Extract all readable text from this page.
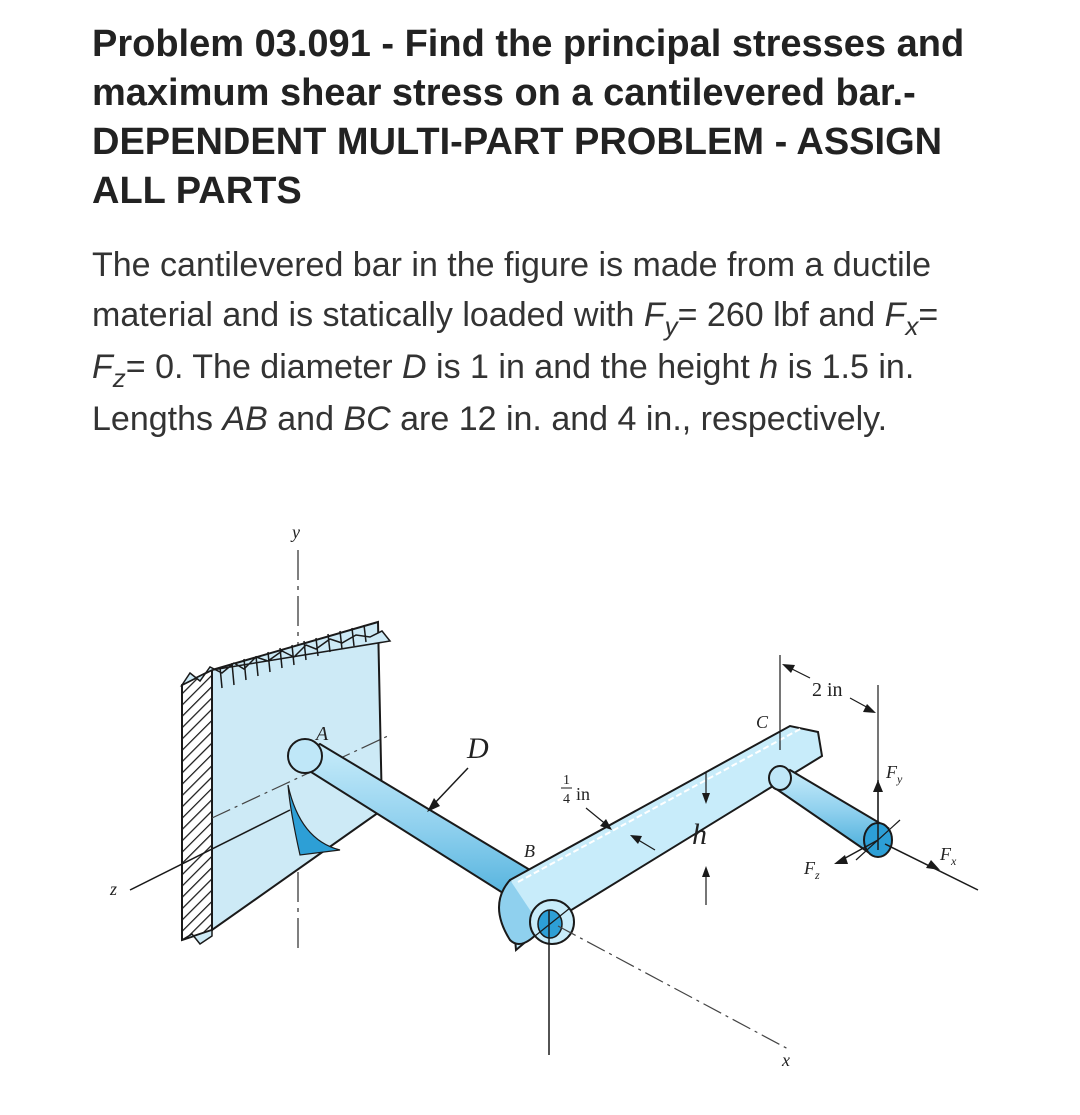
Problem 03.091 - Find the principal stresses and maximum shear stress on a cantilevered bar.- DEPENDENT MULTI-PART PROBLEM - ASSIGN ALL PARTS

The cantilevered bar in the figure is made from a ductile material and is statically loaded with $F_y= 260$ lbf and $F_x= F_z= 0$. The diameter D is 1 in and the height h is 1.5 in. Lengths AB and BC are 12 in. and 4 in., respectively.

y
z
A	D
B
C
x
1
4 in
h
2 in
$F_y$
$F_z$
$F_x$
